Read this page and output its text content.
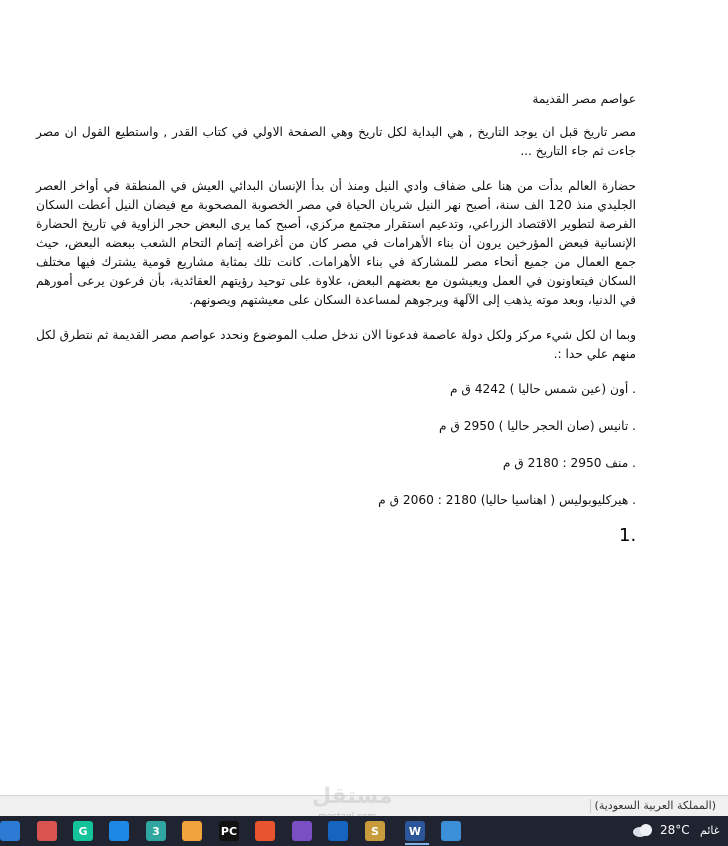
عواصم مصر القديمة

مصر تاريخ قبل ان يوجد التاريخ , هي البداية لكل تاريخ وهي الصفحة الاولي في كتاب القدر , واستطيع القول ان مصر جاءت ثم جاء التاريخ ...

حضارة العالم بدأت من هنا على ضفاف وادي النيل ومنذ أن بدأ الإنسان البدائي العيش في المنطقة في أواخر العصر الجليدي منذ 120 الف سنة، أصبح نهر النيل شريان الحياة في مصر الخصوبة المصحوبة مع فيضان النيل أعطت السكان الفرصة لتطوير الاقتصاد الزراعي، وتدعيم استقرار مجتمع مركزي، أصبح كما يرى البعض حجر الزاوية في تاريخ الحضارة الإنسانية فبعض المؤرخين يرون أن بناء الأهرامات في مصر كان من أغراضه إتمام التحام الشعب ببعضه البعض، حيث جمع العمال من جميع أنحاء مصر للمشاركة في بناء الأهرامات. كانت تلك بمثابة مشاريع قومية يشترك فيها مختلف السكان فيتعاونون في العمل ويعيشون مع بعضهم البعض، علاوة على توحيد رؤيتهم العقائدية، بأن فرعون يرعى أمورهم في الدنيا، وبعد موته يذهب إلى الآلهة ويرجوهم لمساعدة السكان على معيشتهم ويصونهم.

وبما ان لكل شيء مركز ولكل دولة عاصمة فدعونا الان ندخل صلب الموضوع ونحدد عواصم مصر القديمة ثم نتطرق لكل منهم علي حدا :.

. أون (عين شمس حاليا ) 4242 ق م

. تانيس (صان الحجر حاليا ) 2950 ق م

. منف 2950 : 2180 ق م

. هيركليوبوليس ( اهناسيا حاليا) 2180 : 2060 ق م

1.
(المملكة العربية السعودية)
مستقل
G	3	PC	S	W	28°C غائم
